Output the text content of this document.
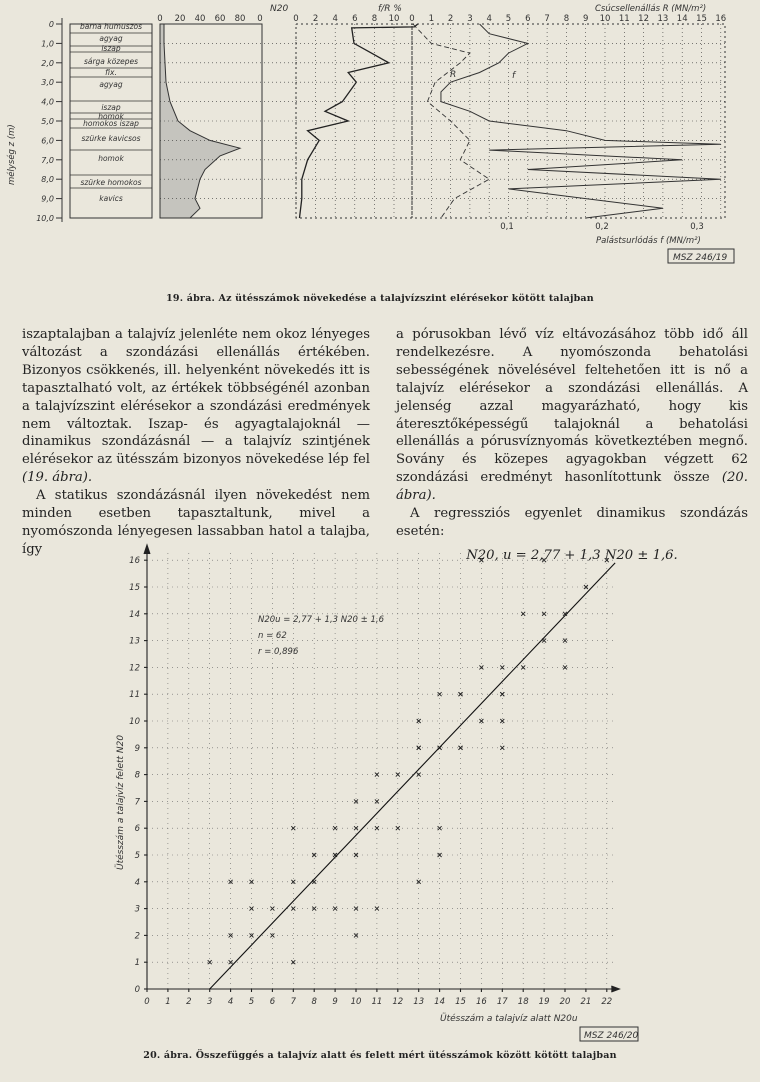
0
1,0
2,0
3,0
4,0
5,0
6,0
7,0
8,0
9,0
10,0
barna humuszos
agyag
iszap
sárga közepes
fix.
agyag
iszap
homok
homokos iszap
szürke kavicsos
homok
szürke homokos
kavics
0 20 40 60 80 0	0 2 4 6 8 10 0 1 2 3 4 5 6 7 8 9 10 11 12 13 14 15 16
0,1	0,2	0,3
N20	f/R %	Csúcsellenállás R (MN/m²)
Palástsurlódás f (MN/m²)
R	f
mélység z (m)
MSZ 246/19
19. ábra. Az ütésszámok növekedése a talajvízszint elérésekor kötött talajban

iszaptalajban a talajvíz jelenléte nem okoz lényeges változást a szondázási ellenállás értékében. Bizonyos csökkenés, ill. helyenként növekedés itt is tapasztalható volt, az értékek többségénél azonban a talajvízszint elérésekor a szondázási eredmények nem változtak. Iszap- és agyagtalajoknál — dinamikus szondázásnál — a talajvíz szintjének elérésekor az ütésszám bizonyos növekedése lép fel (19. ábra).

A statikus szondázásnál ilyen növekedést nem minden esetben tapasztaltunk, mivel a nyomószonda lényegesen lassabban hatol a talajba, így

a pórusokban lévő víz eltávozásához több idő áll rendelkezésre. A nyomószonda behatolási sebességének növelésével feltehetően itt is nő a talajvíz elérésekor a szondázási ellenállás. A jelenség azzal magyarázható, hogy kis áteresztőképességű talajoknál a behatolási ellenállás a pórusvíznyomás következtében megnő. Sovány és közepes agyagokban végzett 62 szondázási eredményt hasonlítottunk össze (20. ábra).

A regressziós egyenlet dinamikus szondázás esetén:

N20, u = 2,77 + 1,3 N20 ± 1,6.
0 1 2 3 4 5 6 7 8 9 10 11 12 13 14 15 16 17 18 19 20 21 22
0
1
2
3
4
5
6
7
8
9
10
11
12
13
14
15
16
N20u = 2,77 + 1,3 N20 ± 1,6
n = 62
r = 0,896
Ütésszám a talajvíz alatt N20u
MSZ 246/20
Ütésszám a talajvíz felett N20
20. ábra. Összefüggés a talajvíz alatt és felett mért ütésszámok között kötött talajban
